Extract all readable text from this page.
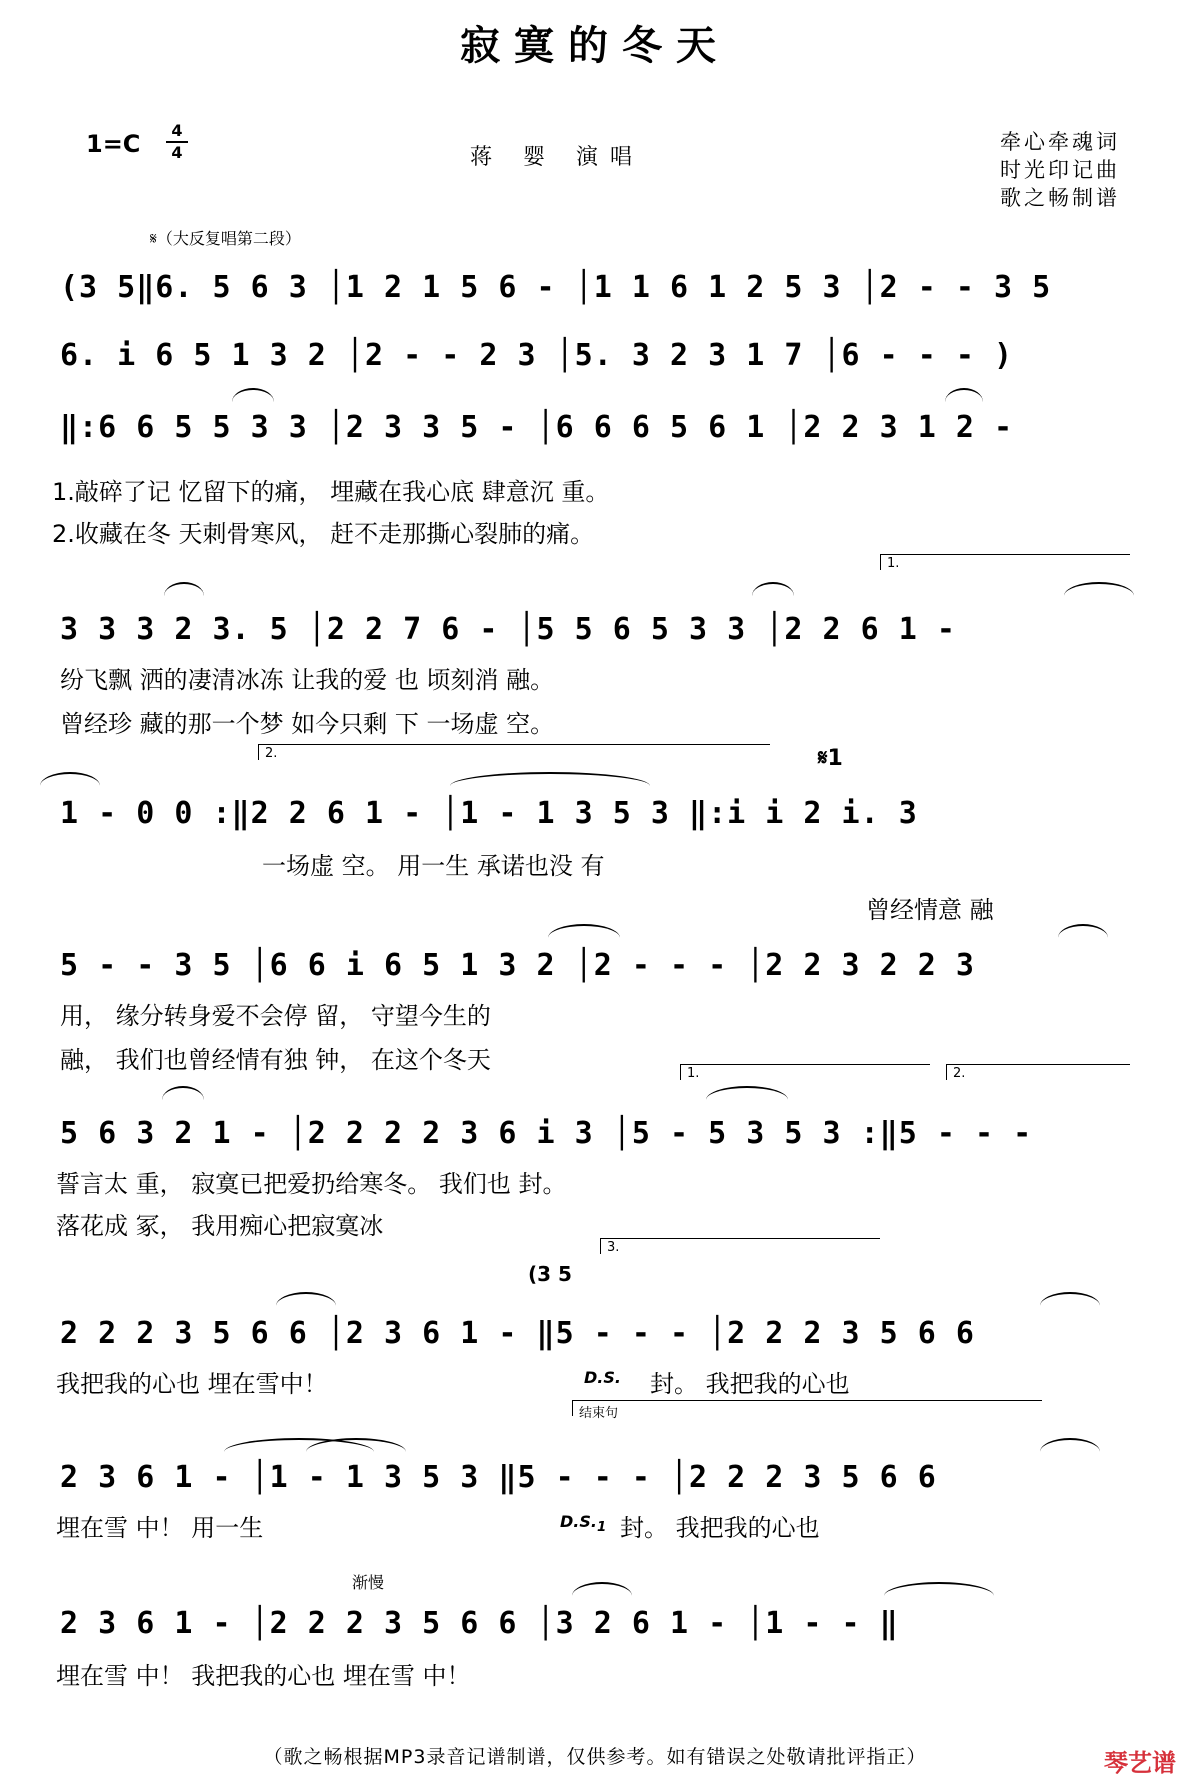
寂寞的冬天
1=C	4
4	蒋 婴 演唱
牵心牵魂词
时光印记曲
歌之畅制谱
𝄋（大反复唱第二段）
(3 5‖6. 5 6 3 │1 2 1 5 6 - │1 1 6 1 2 5 3 │2 - - 3 5
6. i 6 5 1 3 2 │2 - - 2 3 │5. 3 2 3 1 7 │6 - - - )
‖:6 6 5 5 3 3 │2 3 3 5 - │6 6 6 5 6 1 │2 2 3 1 2 -
1.敲碎了记 忆留下的痛， 埋藏在我心底 肆意沉 重。
2.收藏在冬 天刺骨寒风， 赶不走那撕心裂肺的痛。
1.
3 3 3 2 3. 5 │2 2 7 6 - │5 5 6 5 3 3 │2 2 6 1 -
纷飞飘 洒的凄清冰冻 让我的爱 也 顷刻消 融。
曾经珍 藏的那一个梦 如今只剩 下 一场虚 空。
2.	𝄋1
1 - 0 0 :‖2 2 6 1 - │1 - 1 3 5 3 ‖:i i 2 i. 3
一场虚 空。 用一生 承诺也没 有
曾经情意 融
5 - - 3 5 │6 6 i 6 5 1 3 2 │2 - - - │2 2 3 2 2 3
用， 缘分转身爱不会停 留， 守望今生的
融， 我们也曾经情有独 钟， 在这个冬天	1.	2.
5 6 3 2 1 - │2 2 2 2 3 6 i 3 │5 - 5 3 5 3 :‖5 - - -
誓言太 重， 寂寞已把爱扔给寒冬。 我们也 封。
落花成 冢， 我用痴心把寂寞冰
(3 5
3.
2 2 2 3 5 6 6 │2 3 6 1 - ‖5 - - - │2 2 2 3 5 6 6
我把我的心也 埋在雪中！	D.S. 封。 我把我的心也
结束句
2 3 6 1 - │1 - 1 3 5 3 ‖5 - - - │2 2 2 3 5 6 6
埋在雪 中！ 用一生	$D.S._1$ 封。 我把我的心也
渐慢
2 3 6 1 - │2 2 2 3 5 6 6 │3 2 6 1 - │1 - - ‖
埋在雪 中！ 我把我的心也 埋在雪 中！
（歌之畅根据MP3录音记谱制谱，仅供参考。如有错误之处敬请批评指正）	琴艺谱
